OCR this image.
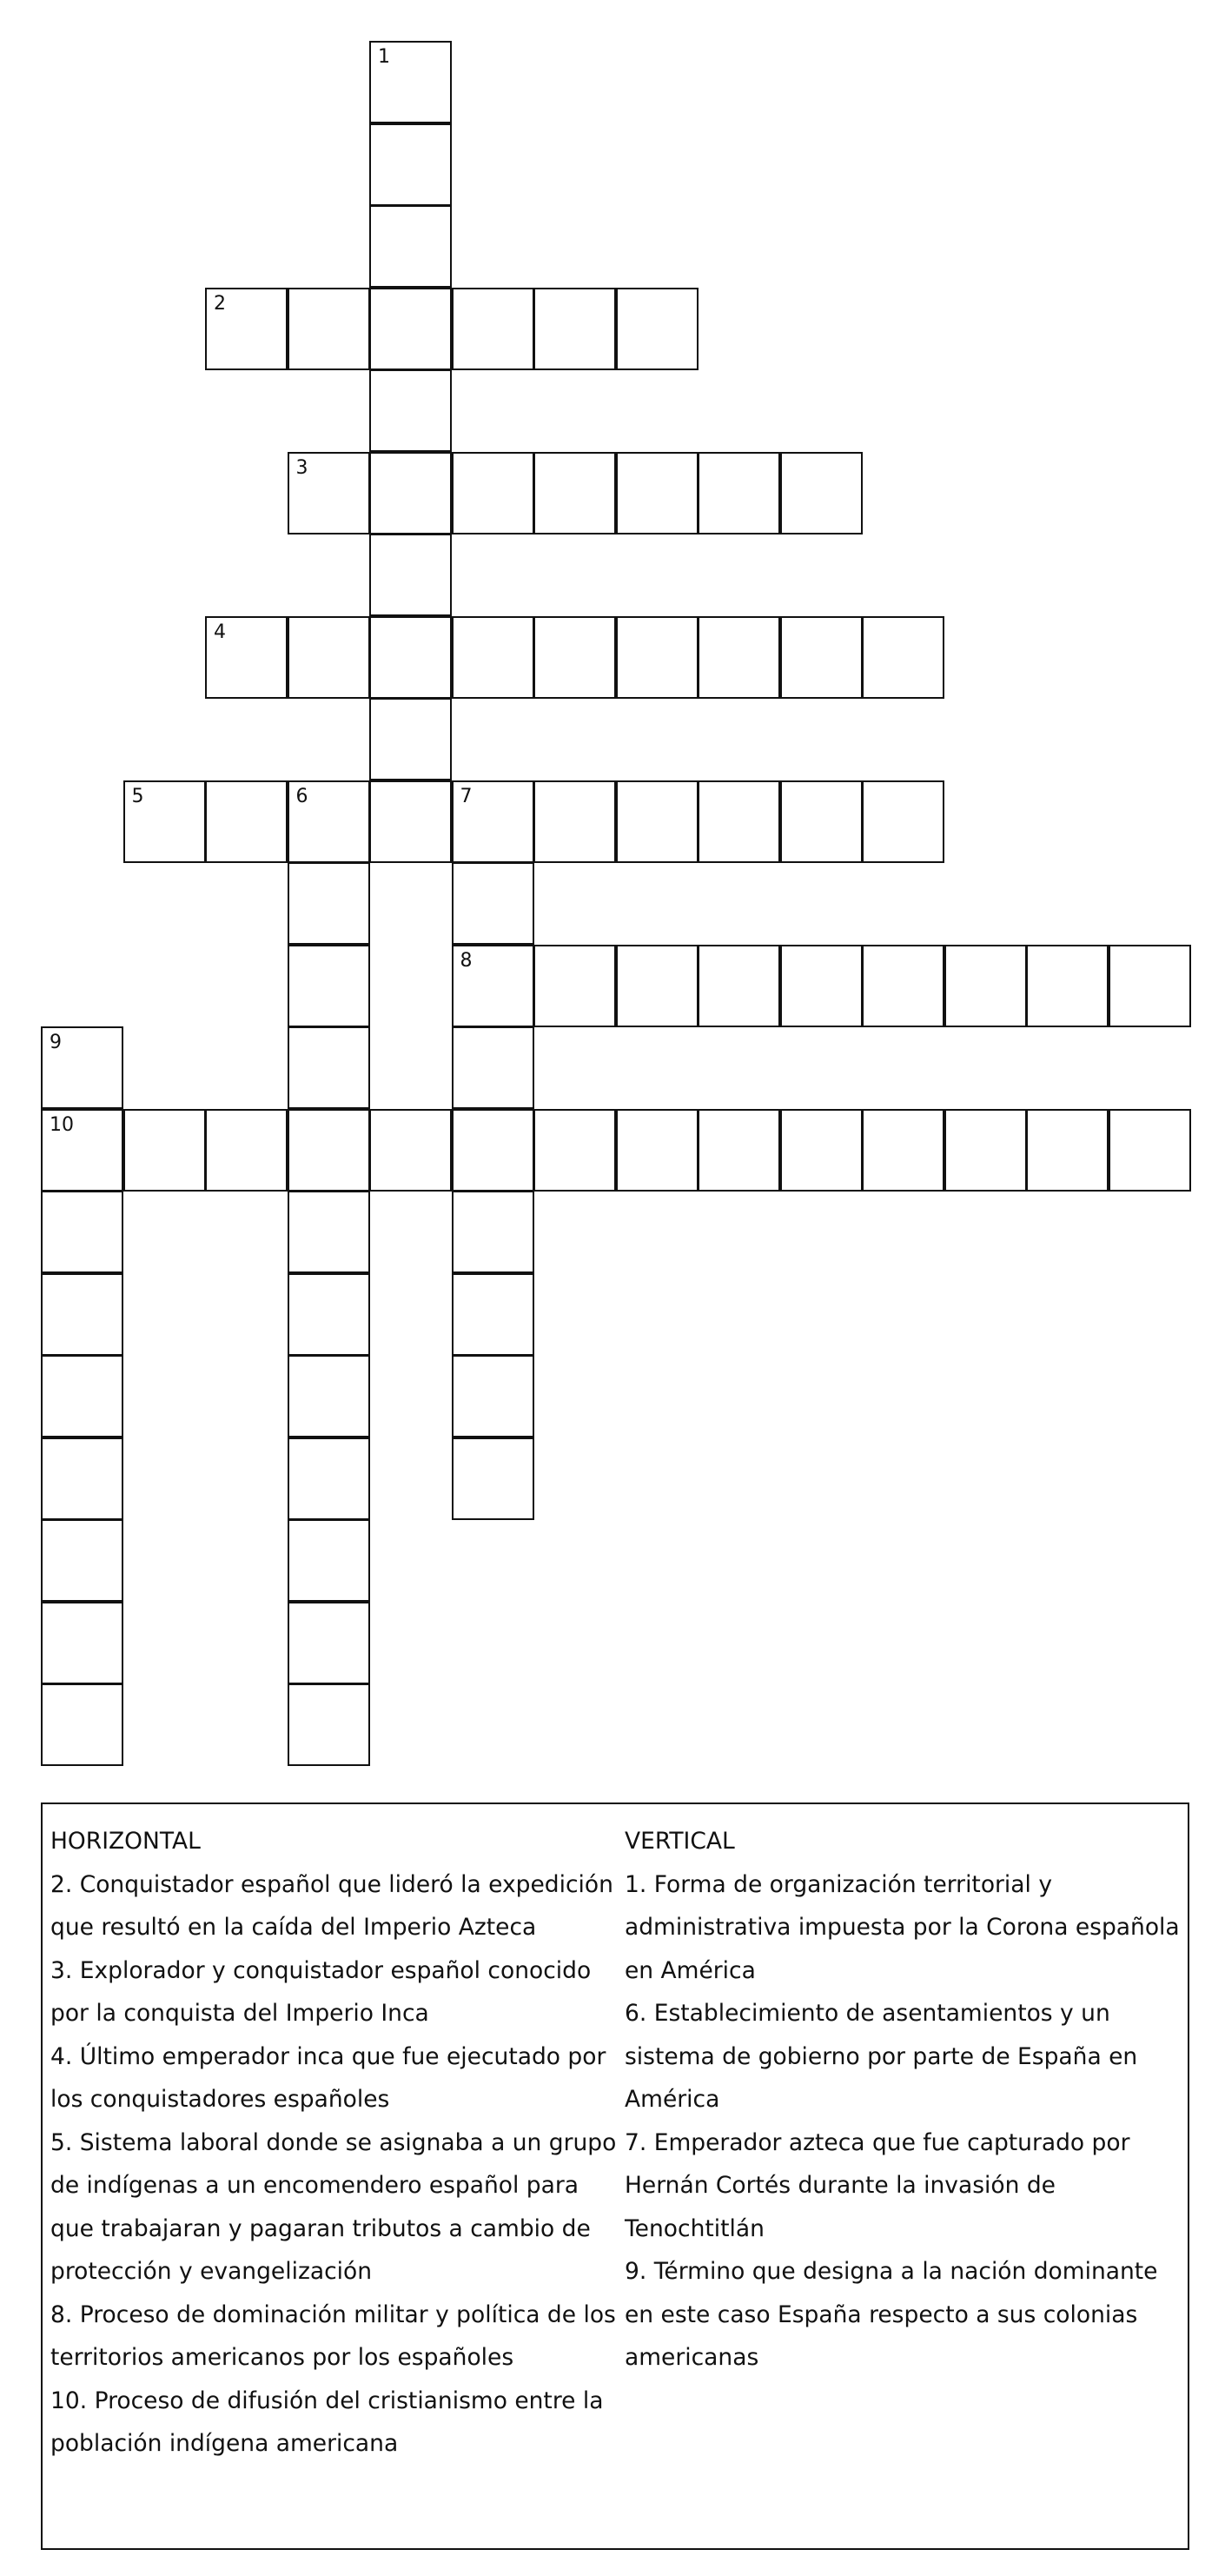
1
2
3
4
5	6	7
8
9
10

HORIZONTAL

2. Conquistador español que lideró la expedición que resultó en la caída del Imperio Azteca

3. Explorador y conquistador español conocido por la conquista del Imperio Inca

4. Último emperador inca que fue ejecutado por los conquistadores españoles

5. Sistema laboral donde se asignaba a un grupo de indígenas a un encomendero español para que trabajaran y pagaran tributos a cambio de protección y evangelización

8. Proceso de dominación militar y política de los territorios americanos por los españoles

10. Proceso de difusión del cristianismo entre la población indígena americana

VERTICAL

1. Forma de organización territorial y administrativa impuesta por la Corona española en América

6. Establecimiento de asentamientos y un sistema de gobierno por parte de España en América

7. Emperador azteca que fue capturado por Hernán Cortés durante la invasión de Tenochtitlán

9. Término que designa a la nación dominante en este caso España respecto a sus colonias americanas
